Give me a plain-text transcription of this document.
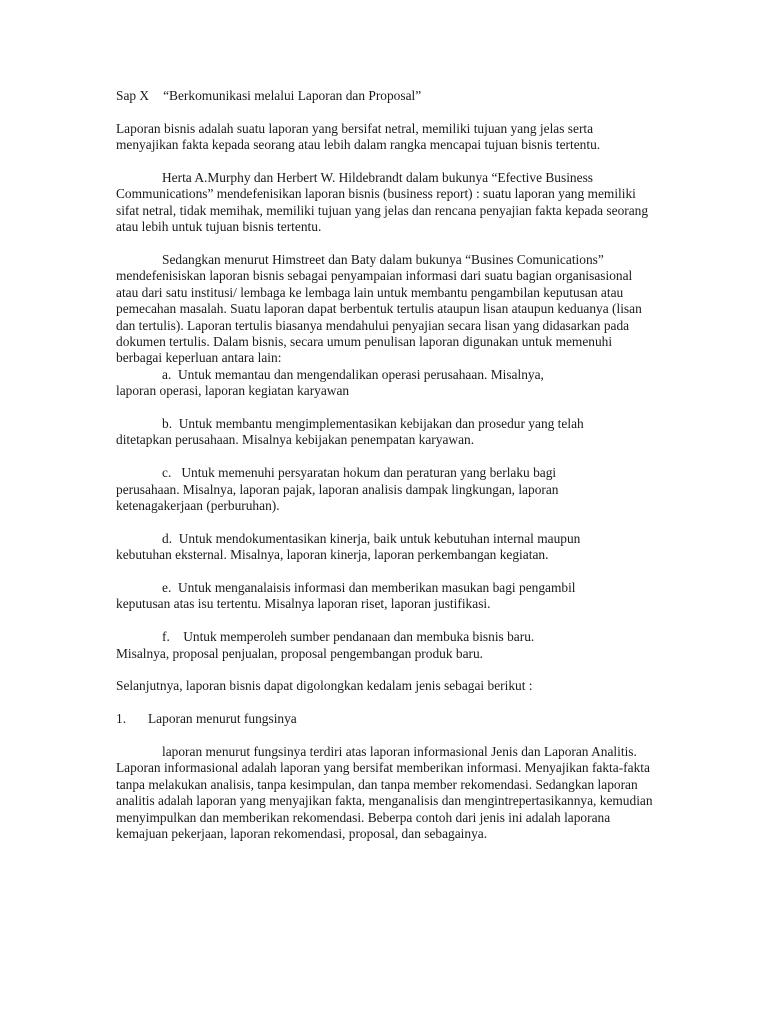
Sap X “Berkomunikasi melalui Laporan dan Proposal”

Laporan bisnis adalah suatu laporan yang bersifat netral, memiliki tujuan yang jelas serta menyajikan fakta kepada seorang atau lebih dalam rangka mencapai tujuan bisnis tertentu.

Herta A.Murphy dan Herbert W. Hildebrandt dalam bukunya “Efective Business Communications” mendefenisikan laporan bisnis (business report) : suatu laporan yang memiliki sifat netral, tidak memihak, memiliki tujuan yang jelas dan rencana penyajian fakta kepada seorang atau lebih untuk tujuan bisnis tertentu.

Sedangkan menurut Himstreet dan Baty dalam bukunya “Busines Comunications” mendefenisiskan laporan bisnis sebagai penyampaian informasi dari suatu bagian organisasional atau dari satu institusi/ lembaga ke lembaga lain untuk membantu pengambilan keputusan atau pemecahan masalah. Suatu laporan dapat berbentuk tertulis ataupun lisan ataupun keduanya (lisan dan tertulis). Laporan tertulis biasanya mendahului penyajian secara lisan yang didasarkan pada dokumen tertulis. Dalam bisnis, secara umum penulisan laporan digunakan untuk memenuhi berbagai keperluan antara lain:

a. Untuk memantau dan mengendalikan operasi perusahaan. Misalnya,

laporan operasi, laporan kegiatan karyawan

b. Untuk membantu mengimplementasikan kebijakan dan prosedur yang telah

ditetapkan perusahaan. Misalnya kebijakan penempatan karyawan.

c. Untuk memenuhi persyaratan hokum dan peraturan yang berlaku bagi

perusahaan. Misalnya, laporan pajak, laporan analisis dampak lingkungan, laporan
ketenagakerjaan (perburuhan).

d. Untuk mendokumentasikan kinerja, baik untuk kebutuhan internal maupun

kebutuhan eksternal. Misalnya, laporan kinerja, laporan perkembangan kegiatan.

e. Untuk menganalaisis informasi dan memberikan masukan bagi pengambil

keputusan atas isu tertentu. Misalnya laporan riset, laporan justifikasi.

f. Untuk memperoleh sumber pendanaan dan membuka bisnis baru.

Misalnya, proposal penjualan, proposal pengembangan produk baru.

Selanjutnya, laporan bisnis dapat digolongkan kedalam jenis sebagai berikut :

1. Laporan menurut fungsinya

laporan menurut fungsinya terdiri atas laporan informasional Jenis dan Laporan Analitis. Laporan informasional adalah laporan yang bersifat memberikan informasi. Menyajikan fakta-fakta tanpa melakukan analisis, tanpa kesimpulan, dan tanpa member rekomendasi. Sedangkan laporan analitis adalah laporan yang menyajikan fakta, menganalisis dan mengintrepertasikannya, kemudian menyimpulkan dan memberikan rekomendasi. Beberpa contoh dari jenis ini adalah laporana kemajuan pekerjaan, laporan rekomendasi, proposal, dan sebagainya.
